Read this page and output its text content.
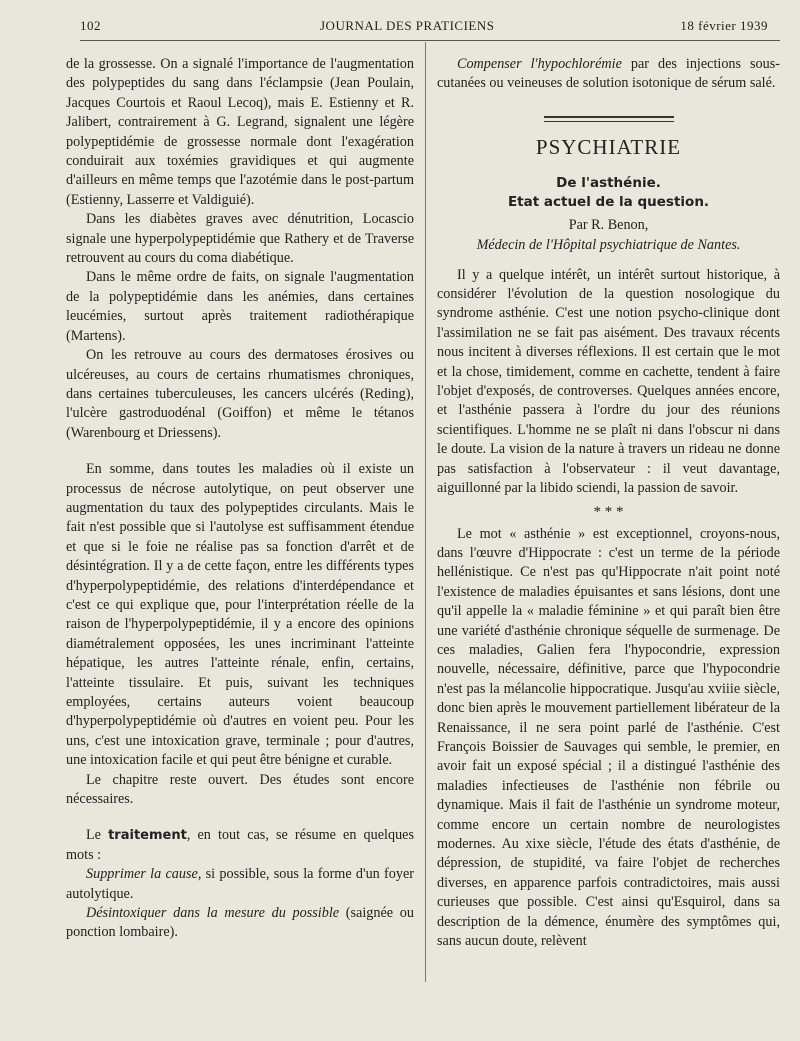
102	JOURNAL DES PRATICIENS	18 février 1939

de la grossesse. On a signalé l'importance de l'augmentation des polypeptides du sang dans l'éclampsie (Jean Poulain, Jacques Courtois et Raoul Lecoq), mais E. Estienny et R. Jalibert, contrairement à G. Legrand, signalent une légère polypeptidémie de grossesse normale dont l'exagération conduirait aux toxémies gravidiques et qui augmente d'ailleurs en même temps que l'azotémie dans le post-partum (Estienny, Lasserre et Valdiguié).

Dans les diabètes graves avec dénutrition, Locascio signale une hyperpolypeptidémie que Rathery et de Traverse retrouvent au cours du coma diabétique.

Dans le même ordre de faits, on signale l'augmentation de la polypeptidémie dans les anémies, dans certaines leucémies, surtout après traitement radiothérapique (Martens).

On les retrouve au cours des dermatoses érosives ou ulcéreuses, au cours de certains rhumatismes chroniques, dans certaines tuberculeuses, les cancers ulcérés (Reding), l'ulcère gastroduodénal (Goiffon) et même le tétanos (Warenbourg et Driessens).

En somme, dans toutes les maladies où il existe un processus de nécrose autolytique, on peut observer une augmentation du taux des polypeptides circulants. Mais le fait n'est possible que si l'autolyse est suffisamment étendue et que si le foie ne réalise pas sa fonction d'arrêt et de désintégration. Il y a de cette façon, entre les différents types d'hyperpolypeptidémie, des relations d'interdépendance et c'est ce qui explique que, pour l'interprétation réelle de la raison de l'hyperpolypeptidémie, il y a encore des opinions diamétralement opposées, les unes incriminant l'atteinte hépatique, les autres l'atteinte rénale, enfin, certains, l'atteinte tissulaire. Et puis, suivant les techniques employées, certains auteurs voient beaucoup d'hyperpolypeptidémie où d'autres en voient peu. Pour les uns, c'est une intoxication grave, terminale ; pour d'autres, une intoxication facile et qui peut être bénigne et curable.

Le chapitre reste ouvert. Des études sont encore nécessaires.

Le traitement, en tout cas, se résume en quelques mots :

Supprimer la cause, si possible, sous la forme d'un foyer autolytique.

Désintoxiquer dans la mesure du possible (saignée ou ponction lombaire).

Compenser l'hypochlorémie par des injections sous-cutanées ou veineuses de solution isotonique de sérum salé.

PSYCHIATRIE
De l'asthénie.
Etat actuel de la question.
Par R. Benon,
Médecin de l'Hôpital psychiatrique de Nantes.

Il y a quelque intérêt, un intérêt surtout historique, à considérer l'évolution de la question nosologique du syndrome asthénie. C'est une notion psycho-clinique dont l'assimilation ne se fait pas aisément. Des travaux récents nous incitent à diverses réflexions. Il est certain que le mot et la chose, timidement, comme en cachette, tendent à faire l'objet d'exposés, de controverses. Quelques années encore, et l'asthénie passera à l'ordre du jour des réunions scientifiques. L'homme ne se plaît ni dans l'obscur ni dans le doute. La vision de la nature à travers un rideau ne donne pas satisfaction à l'observateur : il veut davantage, aiguillonné par la libido sciendi, la passion de savoir.

* * *

Le mot « asthénie » est exceptionnel, croyons-nous, dans l'œuvre d'Hippocrate : c'est un terme de la période hellénistique. Ce n'est pas qu'Hippocrate n'ait point noté l'existence de maladies épuisantes et sans lésions, dont une qu'il appelle la « maladie féminine » et qui paraît bien être une variété d'asthénie chronique séquelle de surmenage. De ces maladies, Galien fera l'hypocondrie, expression nouvelle, nécessaire, définitive, parce que l'hypocondrie n'est pas la mélancolie hippocratique. Jusqu'au xviiie siècle, donc bien après le mouvement partiellement libérateur de la Renaissance, il ne sera point parlé de l'asthénie. C'est François Boissier de Sauvages qui semble, le premier, en avoir fait un exposé spécial ; il a distingué l'asthénie des maladies infectieuses de l'asthénie non fébrile ou dynamique. Mais il fait de l'asthénie un syndrome moteur, comme encore un certain nombre de neurologistes modernes. Au xixe siècle, l'étude des états d'asthénie, de dépression, de stupidité, va faire l'objet de recherches diverses, en apparence parfois contradictoires, mais aussi curieuses que possible. C'est ainsi qu'Esquirol, dans sa description de la démence, énumère des symptômes qui, sans aucun doute, relèvent
